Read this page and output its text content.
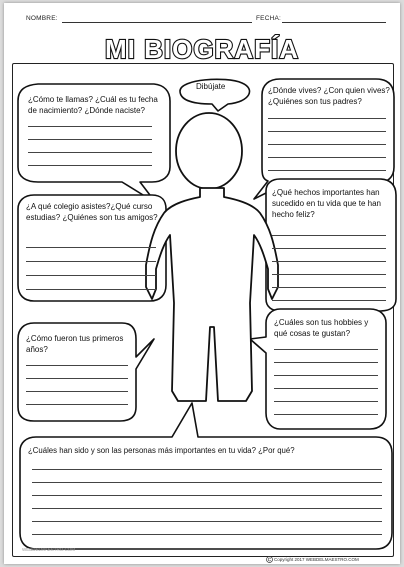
NOMBRE:	FECHA:
MI BIOGRAFÍA
Dibújate
¿Cómo te llamas? ¿Cuál es tu fecha de nacimiento? ¿Dónde naciste?
¿Dónde vives? ¿Con quien vives? ¿Quiénes son tus padres?
¿A qué colegio asistes?¿Qué curso estudias? ¿Quiénes son tus amigos?
¿Qué hechos importantes han sucedido en tu vida que te han hecho feliz?
¿Cómo fueron tus primeros años?
¿Cuáles son tus hobbies y qué cosas te gustan?
¿Cuáles han sido y son las personas más importantes en tu vida? ¿Por qué?
WEBDELMAESTRO.COM
Copyright 2017 WEBDELMAESTRO.COM
